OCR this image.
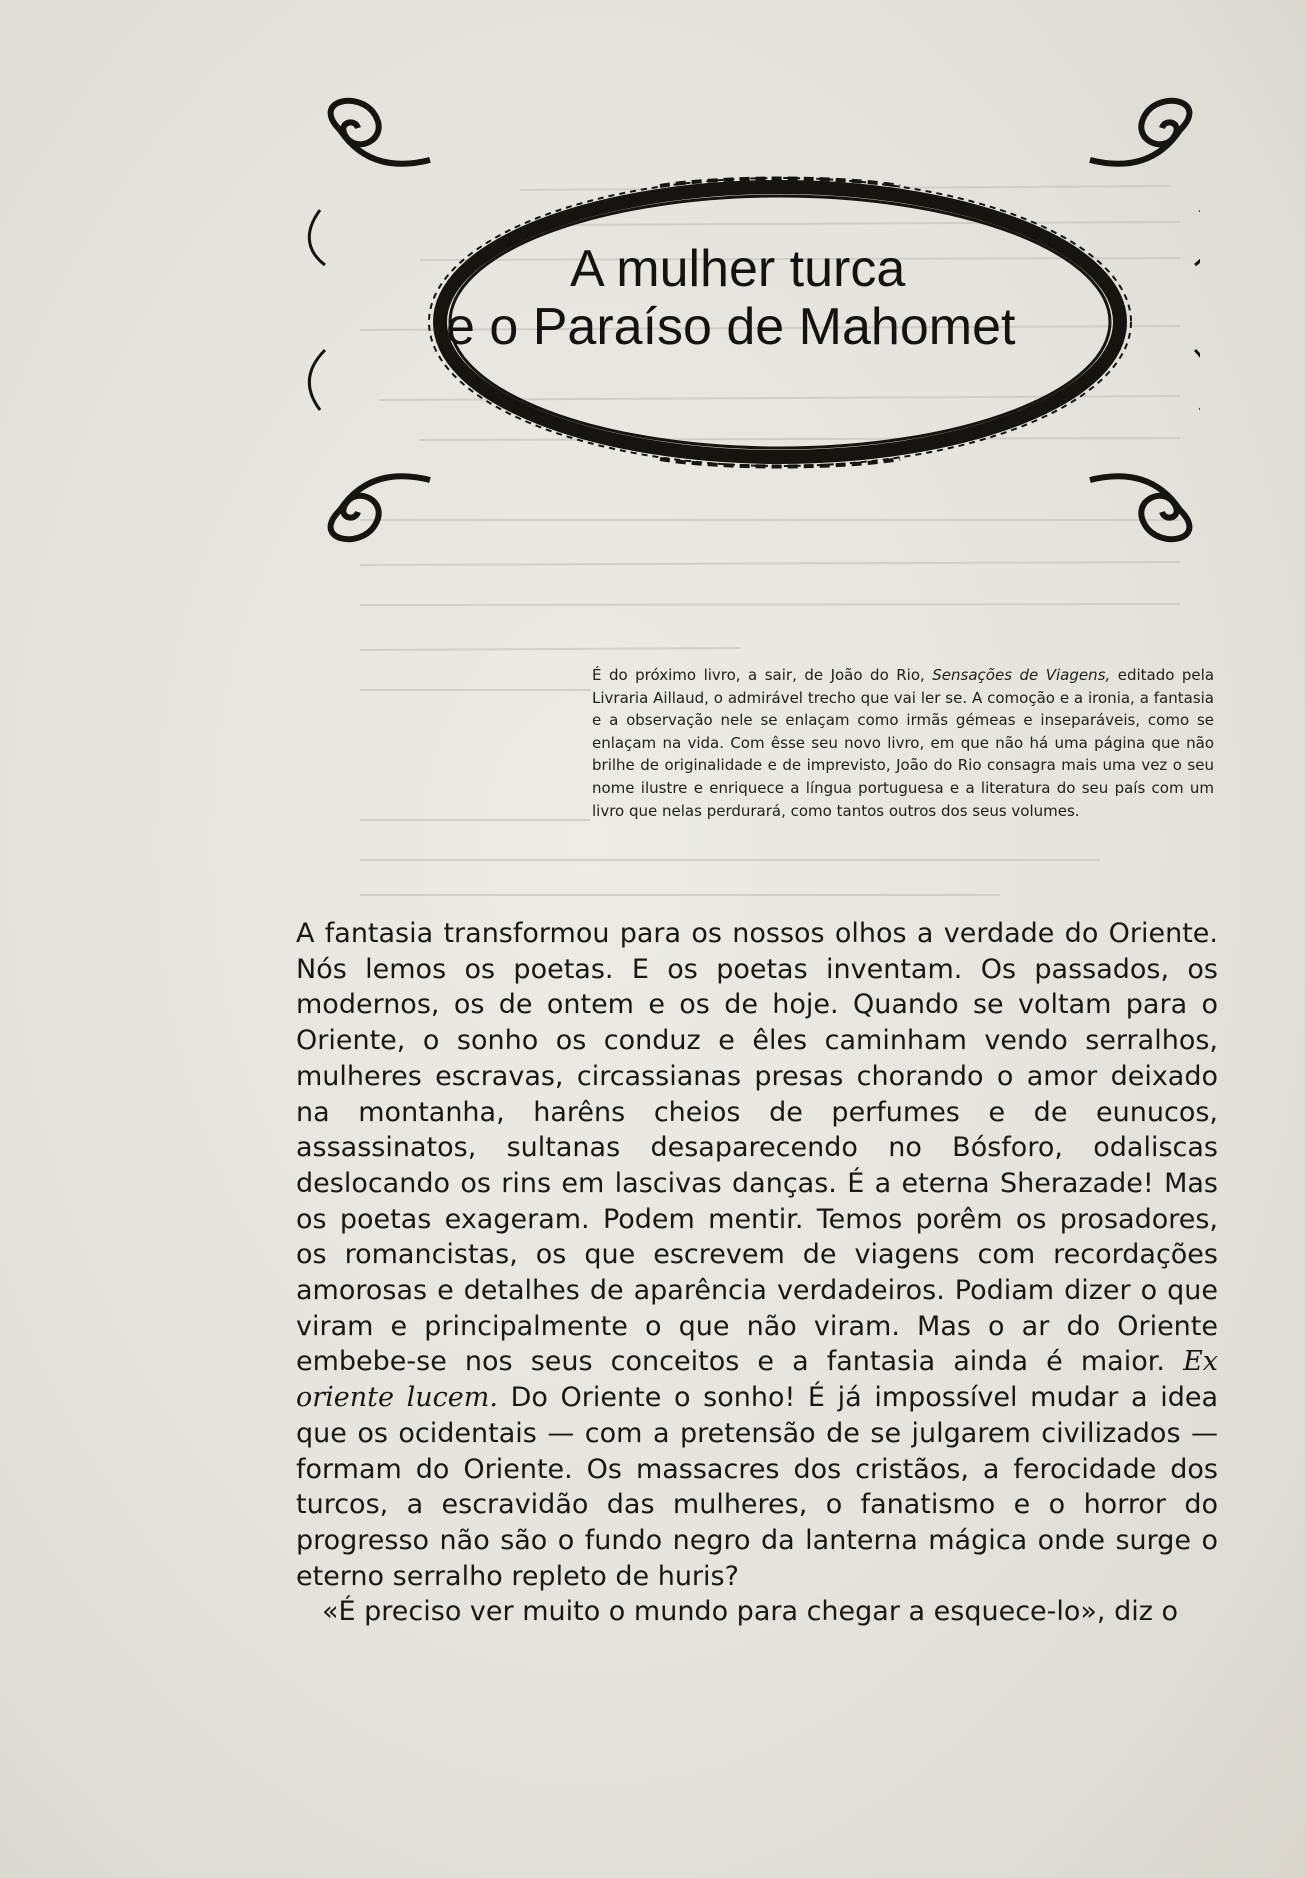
A mulher turca
e o Paraíso de Mahomet
É do próximo livro, a sair, de João do Rio, Sensações de Viagens, editado pela Livraria Aillaud, o admirável trecho que vai ler se. A comoção e a ironia, a fantasia e a observação nele se enlaçam como irmãs gémeas e inseparáveis, como se enlaçam na vida. Com êsse seu novo livro, em que não há uma página que não brilhe de originalidade e de imprevisto, João do Rio consagra mais uma vez o seu nome ilustre e enriquece a língua portuguesa e a literatura do seu país com um livro que nelas perdurará, como tantos outros dos seus volumes.

A fantasia transformou para os nossos olhos a verdade do Oriente. Nós lemos os poetas. E os poetas inventam. Os passados, os modernos, os de ontem e os de hoje. Quando se voltam para o Oriente, o sonho os conduz e êles caminham vendo serralhos, mulheres escravas, circassianas presas chorando o amor deixado na montanha, harêns cheios de perfumes e de eunucos, assassinatos, sultanas desaparecendo no Bósforo, odaliscas deslocando os rins em lascivas danças. É a eterna Sherazade! Mas os poetas exageram. Podem mentir. Temos porêm os prosadores, os romancistas, os que escrevem de viagens com recordações amorosas e detalhes de aparência verdadeiros. Podiam dizer o que viram e principalmente o que não viram. Mas o ar do Oriente embebe-se nos seus conceitos e a fantasia ainda é maior. Ex oriente lucem. Do Oriente o sonho! É já impossível mudar a idea que os ocidentais — com a pretensão de se julgarem civilizados — formam do Oriente. Os massacres dos cristãos, a ferocidade dos turcos, a escravidão das mulheres, o fanatismo e o horror do progresso não são o fundo negro da lanterna mágica onde surge o eterno serralho repleto de huris?

«É preciso ver muito o mundo para chegar a esquece-lo», diz o
